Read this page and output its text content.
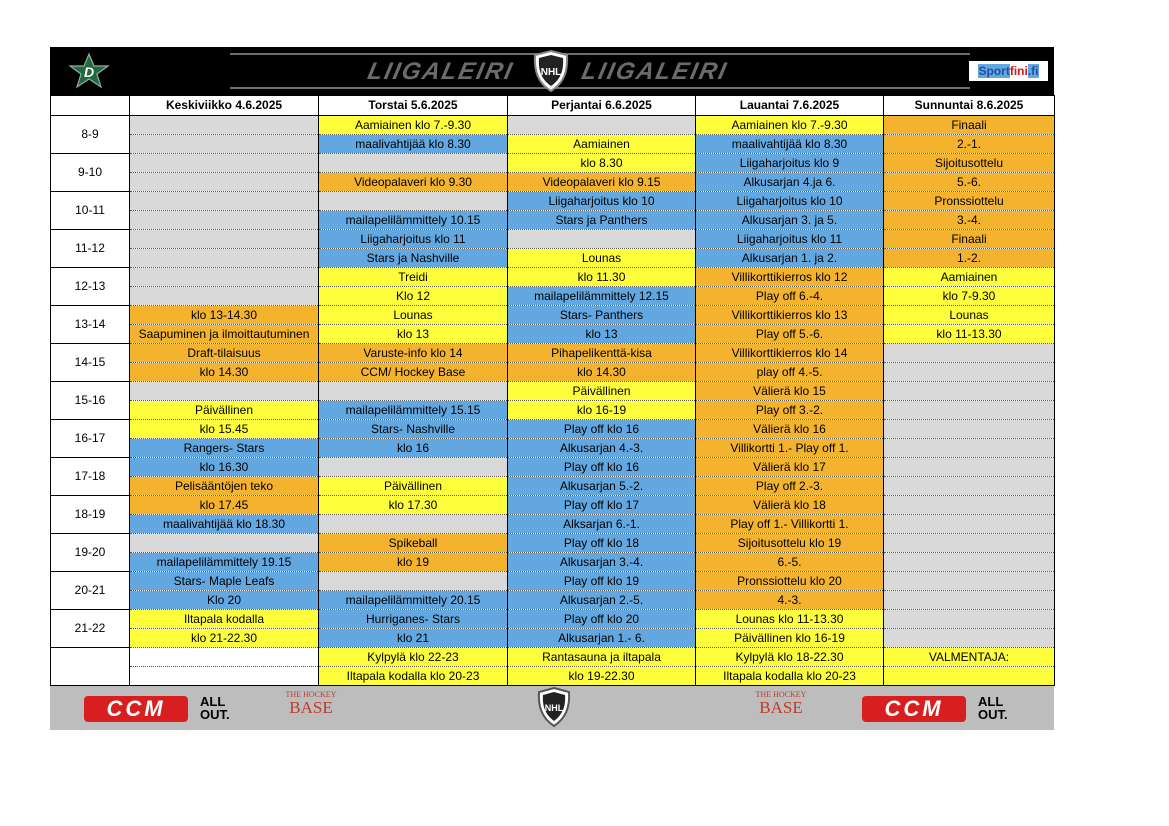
D	LIIGALEIRI NHL LIIGALEIRI	Sportfini.fi
	Keskiviikko 4.6.2025	Torstai 5.6.2025	Perjantai 6.6.2025	Lauantai 7.6.2025	Sunnuntai 8.6.2025
8-9		Aamiainen klo 7.-9.30		Aamiainen klo 7.-9.30	Finaali
		maalivahtijää klo 8.30	Aamiainen	maalivahtijää klo 8.30	2.-1.
9-10			klo 8.30	Liigaharjoitus klo 9	Sijoitusottelu
		Videopalaveri klo 9.30	Videopalaveri klo 9.15	Alkusarjan 4.ja 6.	5.-6.
10-11			Liigaharjoitus klo 10	Liigaharjoitus klo 10	Pronssiottelu
		mailapelilämmittely 10.15	Stars ja Panthers	Alkusarjan 3. ja 5.	3.-4.
11-12		Liigaharjoitus klo 11		Liigaharjoitus klo 11	Finaali
		Stars ja Nashville	Lounas	Alkusarjan 1. ja 2.	1.-2.
12-13		Treidi	klo 11.30	Villikorttikierros klo 12	Aamiainen
		Klo 12	mailapelilämmittely 12.15	Play off 6.-4.	klo 7-9.30
13-14	klo 13-14.30	Lounas	Stars- Panthers	Villikorttikierros klo 13	Lounas
	Saapuminen ja ilmoittautuminen	klo 13	klo 13	Play off 5.-6.	klo 11-13.30
14-15	Draft-tilaisuus	Varuste-info klo 14	Pihapelikenttä-kisa	Villikorttikierros klo 14	
	klo 14.30	CCM/ Hockey Base	klo 14.30	play off 4.-5.	
15-16			Päivällinen	Välierä klo 15	
	Päivällinen	mailapelilämmittely 15.15	klo 16-19	Play off 3.-2.	
16-17	klo 15.45	Stars- Nashville	Play off klo 16	Välierä klo 16	
	Rangers- Stars	klo 16	Alkusarjan 4.-3.	Villikortti 1.- Play off 1.	
17-18	klo 16.30		Play off klo 16	Välierä klo 17	
	Pelisääntöjen teko	Päivällinen	Alkusarjan 5.-2.	Play off 2.-3.	
18-19	klo 17.45	klo 17.30	Play off klo 17	Välierä klo 18	
	maalivahtijää klo 18.30		Alksarjan 6.-1.	Play off 1.- Villikortti 1.	
19-20		Spikeball	Play off klo 18	Sijoitusottelu klo 19	
	mailapelilämmittely 19.15	klo 19	Alkusarjan 3.-4.	6.-5.	
20-21	Stars- Maple Leafs		Play off klo 19	Pronssiottelu klo 20	
	Klo 20	mailapelilämmittely 20.15	Alkusarjan 2.-5.	4.-3.	
21-22	Iltapala kodalla	Hurriganes- Stars	Play off klo 20	Lounas klo 11-13.30	
	klo 21-22.30	klo 21	Alkusarjan 1.- 6.	Päivällinen klo 16-19	
		Kylpylä klo 22-23	Rantasauna ja iltapala	Kylpylä klo 18-22.30	VALMENTAJA:
		Iltapala kodalla klo 20-23	klo 19-22.30	Iltapala kodalla klo 20-23	
CCM	ALL
OUT.
THE HOCKEY
BASE	NHL
THE HOCKEY
BASE	CCM	ALL
OUT.
